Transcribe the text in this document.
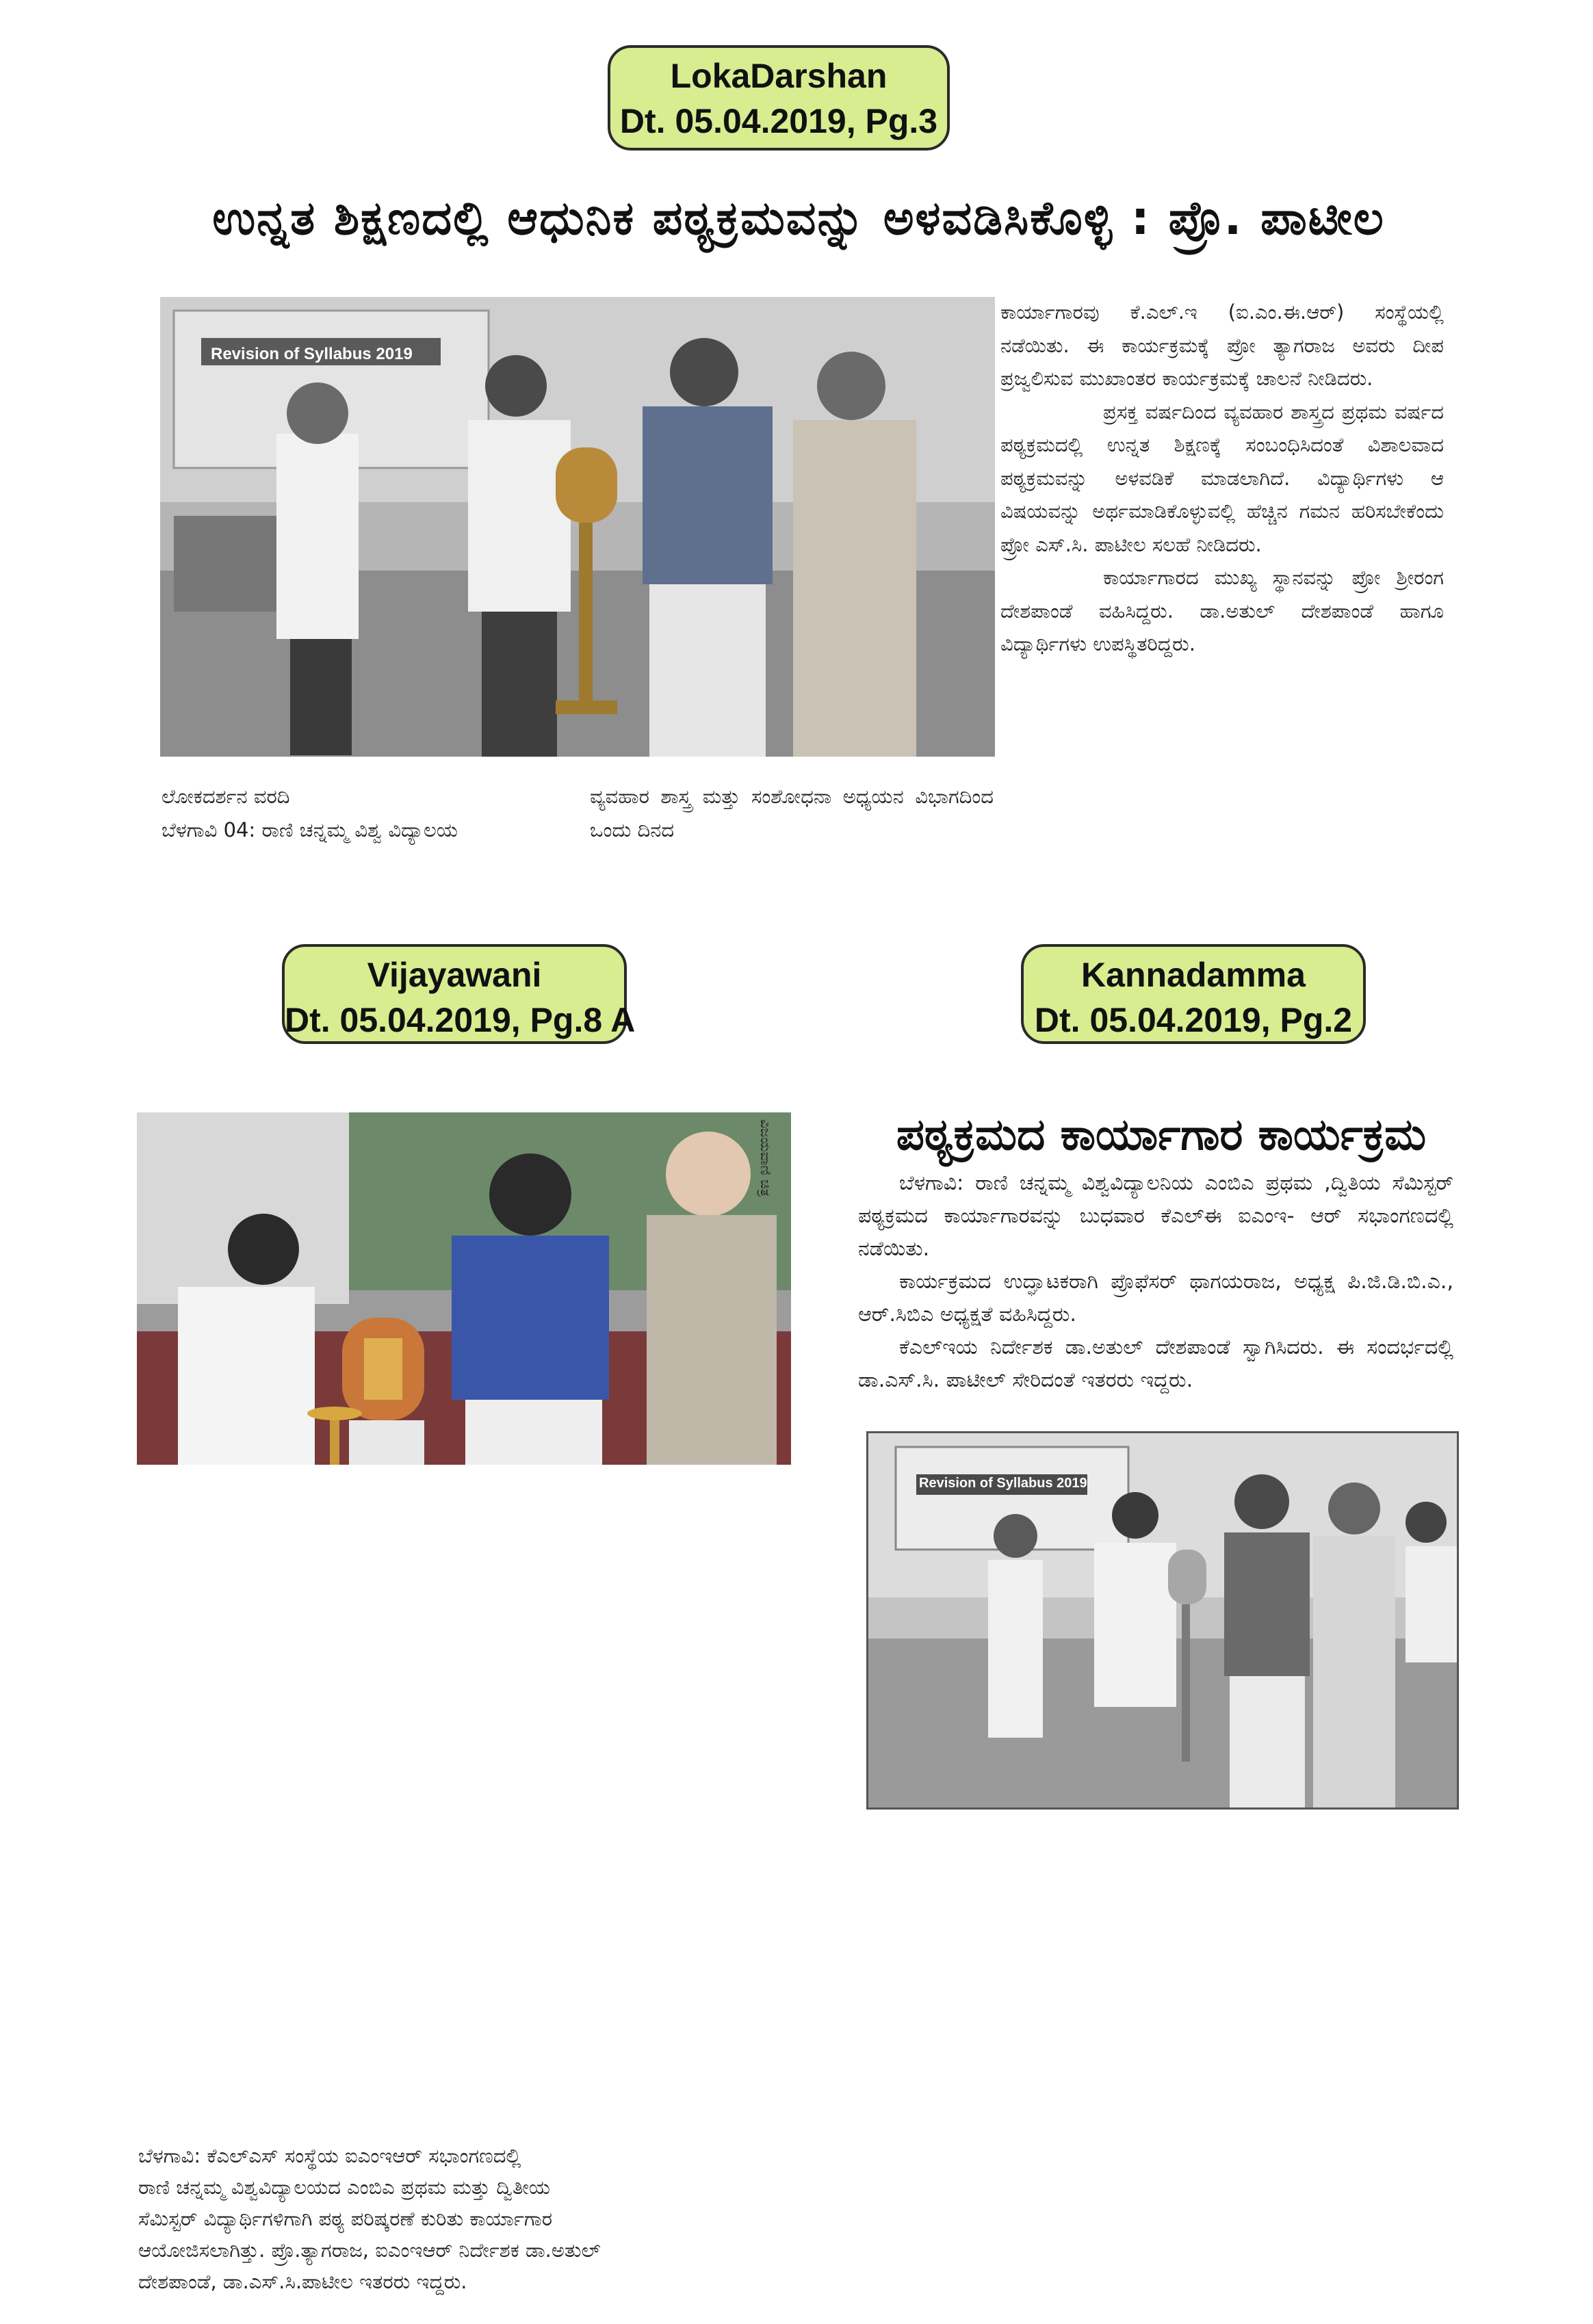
LokaDarshan
Dt. 05.04.2019, Pg.3
ಉನ್ನತ ಶಿಕ್ಷಣದಲ್ಲಿ ಆಧುನಿಕ ಪಠ್ಯಕ್ರಮವನ್ನು ಅಳವಡಿಸಿಕೊಳ್ಳಿ : ಪ್ರೊ. ಪಾಟೀಲ
Revision of Syllabus 2019

ಕಾರ್ಯಾಗಾರವು ಕೆ.ಎಲ್.ಇ (ಐ.ಎಂ.ಈ.ಆರ್) ಸಂಸ್ಥೆಯಲ್ಲಿ ನಡೆಯಿತು. ಈ ಕಾರ್ಯಕ್ರಮಕ್ಕೆ ಪ್ರೋ ತ್ಯಾಗರಾಜ ಅವರು ದೀಪ ಪ್ರಜ್ವಲಿಸುವ ಮುಖಾಂತರ ಕಾರ್ಯಕ್ರಮಕ್ಕೆ ಚಾಲನೆ ನೀಡಿದರು.

ಪ್ರಸಕ್ತ ವರ್ಷದಿಂದ ವ್ಯವಹಾರ ಶಾಸ್ತ್ರದ ಪ್ರಥಮ ವರ್ಷದ ಪಠ್ಯಕ್ರಮದಲ್ಲಿ ಉನ್ನತ ಶಿಕ್ಷಣಕ್ಕೆ ಸಂಬಂಧಿಸಿದಂತೆ ವಿಶಾಲವಾದ ಪಠ್ಯಕ್ರಮವನ್ನು ಅಳವಡಿಕೆ ಮಾಡಲಾಗಿದೆ. ವಿದ್ಯಾರ್ಥಿಗಳು ಆ ವಿಷಯವನ್ನು ಅರ್ಥಮಾಡಿಕೊಳ್ಳುವಲ್ಲಿ ಹೆಚ್ಚಿನ ಗಮನ ಹರಿಸಬೇಕೆಂದು ಪ್ರೋ ಎಸ್.ಸಿ. ಪಾಟೀಲ ಸಲಹೆ ನೀಡಿದರು.

ಕಾರ್ಯಾಗಾರದ ಮುಖ್ಯ ಸ್ಥಾನವನ್ನು ಪ್ರೋ ಶ್ರೀರಂಗ ದೇಶಪಾಂಡೆ ವಹಿಸಿದ್ದರು. ಡಾ.ಅತುಲ್ ದೇಶಪಾಂಡೆ ಹಾಗೂ ವಿದ್ಯಾರ್ಥಿಗಳು ಉಪಸ್ಥಿತರಿದ್ದರು.

ಲೋಕದರ್ಶನ ವರದಿ

ಬೆಳಗಾವಿ 04: ರಾಣಿ ಚನ್ನಮ್ಮ ವಿಶ್ವ ವಿದ್ಯಾಲಯ

ವ್ಯವಹಾರ ಶಾಸ್ತ್ರ ಮತ್ತು ಸಂಶೋಧನಾ ಅಧ್ಯಯನ ವಿಭಾಗದಿಂದ ಒಂದು ದಿನದ

Vijayawani
Dt. 05.04.2019, Pg.8 A
ವಿಜಯವಾಣಿ ಚಿತ್ರ
ಬೆಳಗಾವಿ: ಕೆಎಲ್‌ಎಸ್ ಸಂಸ್ಥೆಯ ಐಎಂಇಆರ್ ಸಭಾಂಗಣದಲ್ಲಿ
ರಾಣಿ ಚನ್ನಮ್ಮ ವಿಶ್ವವಿದ್ಯಾಲಯದ ಎಂಬಿಎ ಪ್ರಥಮ ಮತ್ತು ದ್ವಿತೀಯ
ಸೆಮಿಸ್ಟರ್ ವಿದ್ಯಾರ್ಥಿಗಳಿಗಾಗಿ ಪಠ್ಯ ಪರಿಷ್ಕರಣೆ ಕುರಿತು ಕಾರ್ಯಾಗಾರ
ಆಯೋಜಿಸಲಾಗಿತ್ತು. ಪ್ರೊ.ತ್ಯಾಗರಾಜ, ಐಎಂಇಆರ್ ನಿರ್ದೇಶಕ ಡಾ.ಅತುಲ್
ದೇಶಪಾಂಡೆ, ಡಾ.ಎಸ್.ಸಿ.ಪಾಟೀಲ ಇತರರು ಇದ್ದರು.
Kannadamma
Dt. 05.04.2019, Pg.2
ಪಠ್ಯಕ್ರಮದ ಕಾರ್ಯಾಗಾರ ಕಾರ್ಯಕ್ರಮ

ಬೆಳಗಾವಿ: ರಾಣಿ ಚನ್ನಮ್ಮ ವಿಶ್ವವಿದ್ಯಾಲನಿಯ ಎಂಬಿಎ ಪ್ರಥಮ ,ದ್ವಿತಿಯ ಸೆಮಿಸ್ಟರ್ ಪಠ್ಯಕ್ರಮದ ಕಾರ್ಯಾಗಾರವನ್ನು ಬುಧವಾರ ಕೆಎಲ್ಈ ಐಎಂಇ- ಆರ್ ಸಭಾಂಗಣದಲ್ಲಿ ನಡೆಯಿತು.

ಕಾರ್ಯಕ್ರಮದ ಉದ್ಘಾಟಕರಾಗಿ ಪ್ರೊಫೆಸರ್ ಥಾಗಯರಾಜ, ಅಧ್ಯಕ್ಷ ಪಿ.ಜಿ.ಡಿ.ಬಿ.ಎ., ಆರ್.ಸಿಬಿಎ ಅಧ್ಯಕ್ಷತೆ ವಹಿಸಿದ್ದರು.

ಕೆಎಲ್ಇಯ ನಿರ್ದೇಶಕ ಡಾ.ಅತುಲ್ ದೇಶಪಾಂಡೆ ಸ್ವಾಗಿಸಿದರು. ಈ ಸಂದರ್ಭದಲ್ಲಿ ಡಾ.ಎಸ್.ಸಿ. ಪಾಟೀಲ್ ಸೇರಿದಂತೆ ಇತರರು ಇದ್ದರು.

Revision of Syllabus 2019
